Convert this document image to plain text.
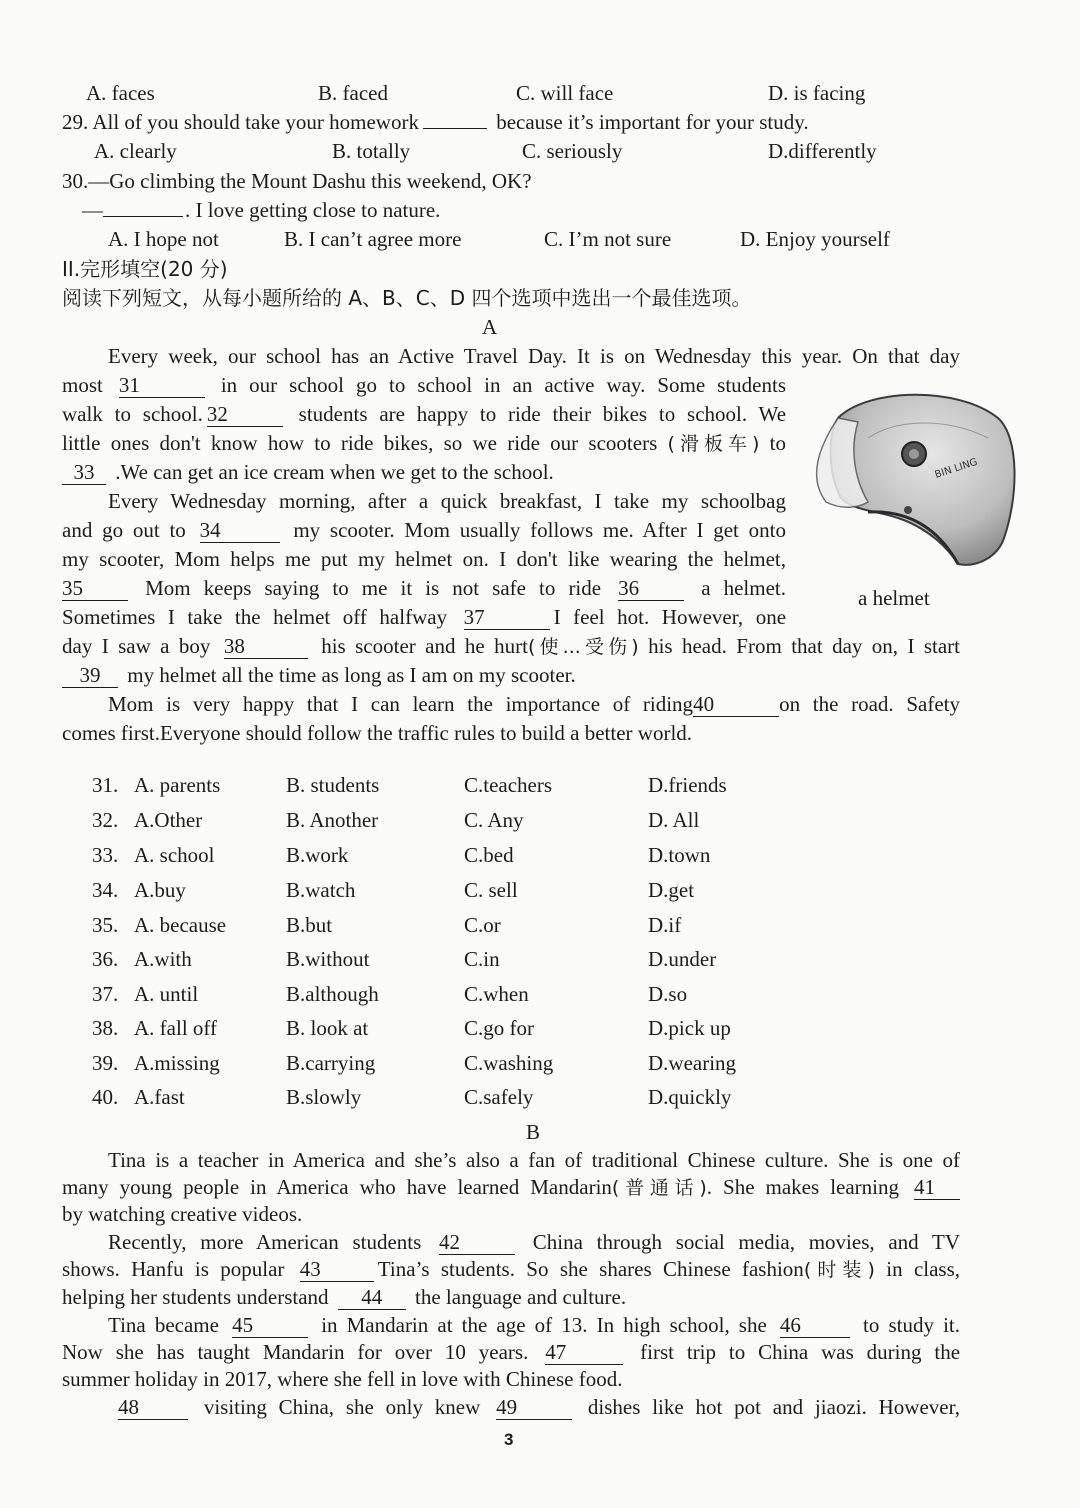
A. faces	B. faced	C. will face	D. is facing
29. All of you should take your homework	because it’s important for your study.
A. clearly	B. totally	C. seriously	D.differently
30.—Go climbing the Mount Dashu this weekend, OK?
—	. I love getting close to nature.
A. I hope not	B. I can’t agree more	C. I’m not sure	D. Enjoy yourself
II.完形填空(20 分)
阅读下列短文，从每小题所给的 A、B、C、D 四个选项中选出一个最佳选项。
A
Every week, our school has an Active Travel Day. It is on Wednesday this year. On that day
most 31	in our school go to school in an active way. Some students
walk to school. 32	students are happy to ride their bikes to school. We
little ones don't know how to ride bikes, so we ride our scooters (滑板车) to
33 .We can get an ice cream when we get to the school.
Every Wednesday morning, after a quick breakfast, I take my schoolbag
and go out to 34	my scooter. Mom usually follows me. After I get onto
my scooter, Mom helps me put my helmet on. I don't like wearing the helmet,
35	Mom keeps saying to me it is not safe to ride 36	a helmet.
Sometimes I take the helmet off halfway 37	I feel hot. However, one
day I saw a boy 38	his scooter and he hurt(使...受伤) his head. From that day on, I start
39 my helmet all the time as long as I am on my scooter.
Mom is very happy that I can learn the importance of riding40	on the road. Safety
comes first.Everyone should follow the traffic rules to build a better world.
BIN LING
a helmet
31. A. parents	B. students	C.teachers	D.friends
32. A.Other	B. Another	C. Any	D. All
33. A. school	B.work	C.bed	D.town
34. A.buy	B.watch	C. sell	D.get
35. A. because	B.but	C.or	D.if
36. A.with	B.without	C.in	D.under
37. A. until	B.although	C.when	D.so
38. A. fall off	B. look at	C.go for	D.pick up
39. A.missing	B.carrying	C.washing	D.wearing
40. A.fast	B.slowly	C.safely	D.quickly
B
Tina is a teacher in America and she’s also a fan of traditional Chinese culture. She is one of
many young people in America who have learned Mandarin(普通话). She makes learning 41
by watching creative videos.
Recently, more American students 42	China through social media, movies, and TV
shows. Hanfu is popular 43	Tina’s students. So she shares Chinese fashion(时装) in class,
helping her students understand 44 the language and culture.
Tina became 45	in Mandarin at the age of 13. In high school, she 46	to study it.
Now she has taught Mandarin for over 10 years. 47	first trip to China was during the
summer holiday in 2017, where she fell in love with Chinese food.
48	visiting China, she only knew 49	dishes like hot pot and jiaozi. However,
3
